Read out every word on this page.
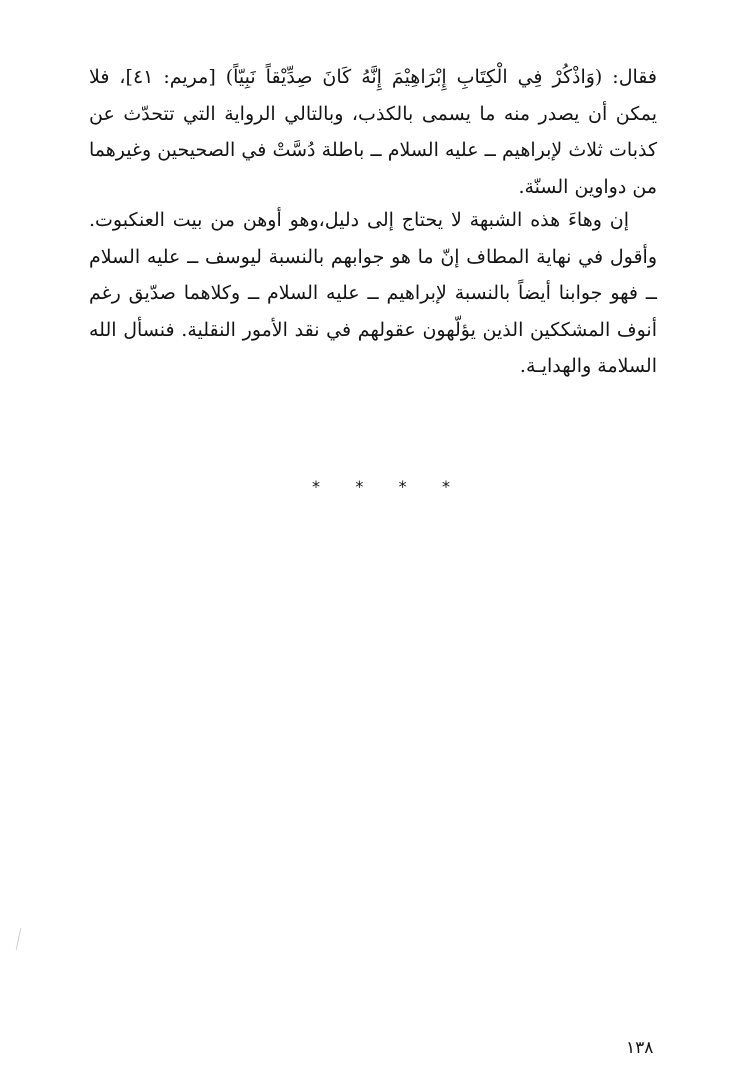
فقال: (وَاذْكُرْ فِي الْكِتَابِ إِبْرَاهِيْمَ إِنَّهُ كَانَ صِدِّيْقاً نَبِيّاً) [مريم: ٤١]، فلا يمكن أن يصدر منه ما يسمى بالكذب، وبالتالي الرواية التي تتحدّث عن كذبات ثلاث لإبراهيم ــ عليه السلام ــ باطلة دُسَّتْ في الصحيحين وغيرهما من دواوين السنّة.

إن وهاءَ هذه الشبهة لا يحتاج إلى دليل،وهو أوهن من بيت العنكبوت. وأقول في نهاية المطاف إنّ ما هو جوابهم بالنسبة ليوسف ــ عليه السلام ــ فهو جوابنا أيضاً بالنسبة لإبراهيم ــ عليه السلام ــ وكلاهما صدّيق رغم أنوف المشككين الذين يؤلّهون عقولهم في نقد الأمور النقلية. فنسأل الله السلامة والهدايـة.

* * * *
١٣٨
